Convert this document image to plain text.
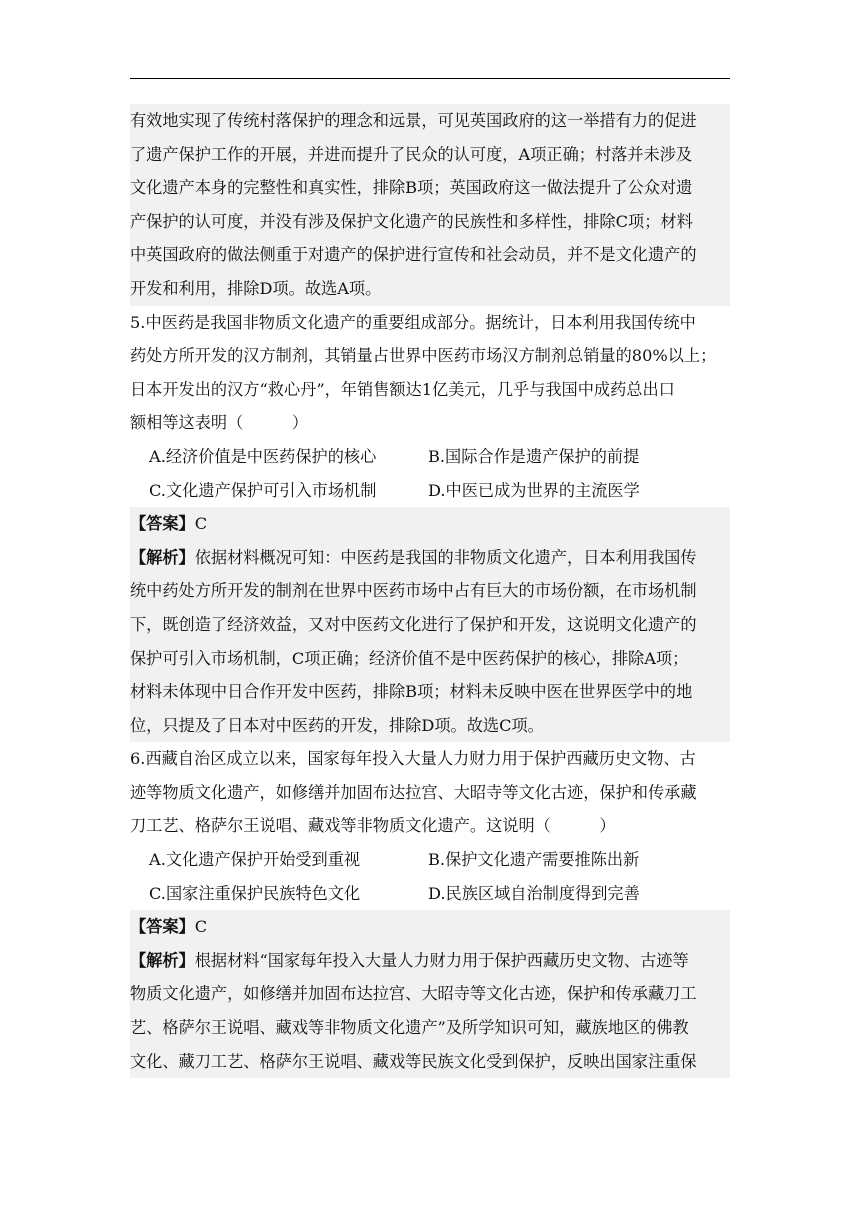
有效地实现了传统村落保护的理念和远景，可见英国政府的这一举措有力的促进
了遗产保护工作的开展，并进而提升了民众的认可度，A项正确；村落并未涉及
文化遗产本身的完整性和真实性，排除B项；英国政府这一做法提升了公众对遗
产保护的认可度，并没有涉及保护文化遗产的民族性和多样性，排除C项；材料
中英国政府的做法侧重于对遗产的保护进行宣传和社会动员，并不是文化遗产的
开发和利用，排除D项。故选A项。
5.中医药是我国非物质文化遗产的重要组成部分。据统计，日本利用我国传统中
药处方所开发的汉方制剂，其销量占世界中医药市场汉方制剂总销量的80%以上；
日本开发出的汉方“救心丹”，年销售额达1亿美元，几乎与我国中成药总出口
额相等这表明（　　　）
A.经济价值是中医药保护的核心	B.国际合作是遗产保护的前提
C.文化遗产保护可引入市场机制	D.中医已成为世界的主流医学
【答案】C
【解析】依据材料概况可知：中医药是我国的非物质文化遗产，日本利用我国传
统中药处方所开发的制剂在世界中医药市场中占有巨大的市场份额，在市场机制
下，既创造了经济效益，又对中医药文化进行了保护和开发，这说明文化遗产的
保护可引入市场机制，C项正确；经济价值不是中医药保护的核心，排除A项；
材料未体现中日合作开发中医药，排除B项；材料未反映中医在世界医学中的地
位，只提及了日本对中医药的开发，排除D项。故选C项。
6.西藏自治区成立以来，国家每年投入大量人力财力用于保护西藏历史文物、古
迹等物质文化遗产，如修缮并加固布达拉宫、大昭寺等文化古迹，保护和传承藏
刀工艺、格萨尔王说唱、藏戏等非物质文化遗产。这说明（　　　）
A.文化遗产保护开始受到重视	B.保护文化遗产需要推陈出新
C.国家注重保护民族特色文化	D.民族区域自治制度得到完善
【答案】C
【解析】根据材料“国家每年投入大量人力财力用于保护西藏历史文物、古迹等
物质文化遗产，如修缮并加固布达拉宫、大昭寺等文化古迹，保护和传承藏刀工
艺、格萨尔王说唱、藏戏等非物质文化遗产”及所学知识可知，藏族地区的佛教
文化、藏刀工艺、格萨尔王说唱、藏戏等民族文化受到保护，反映出国家注重保
